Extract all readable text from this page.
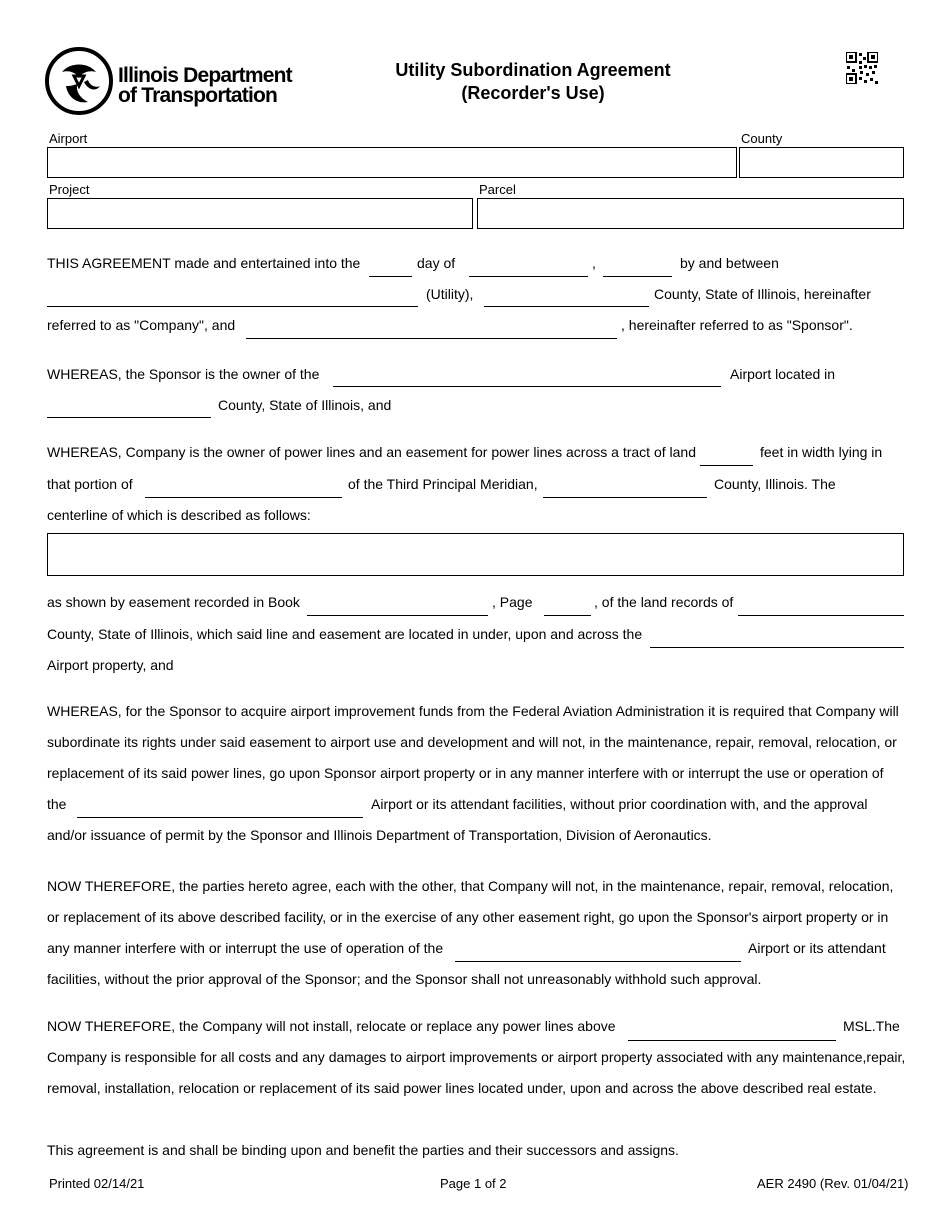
Illinois Department
of Transportation
Utility Subordination Agreement
(Recorder's Use)
Airport	County
Project	Parcel
THIS AGREEMENT made and entertained into the	day of	,	by and between
(Utility),	County, State of Illinois, hereinafter
referred to as "Company", and	, hereinafter referred to as "Sponsor".
WHEREAS, the Sponsor is the owner of the	Airport located in
County, State of Illinois, and
WHEREAS, Company is the owner of power lines and an easement for power lines across a tract of land	feet in width lying in
that portion of	of the Third Principal Meridian,	County, Illinois. The
centerline of which is described as follows:
as shown by easement recorded in Book	, Page	, of the land records of
County, State of Illinois, which said line and easement are located in under, upon and across the
Airport property, and
WHEREAS, for the Sponsor to acquire airport improvement funds from the Federal Aviation Administration it is required that Company will
subordinate its rights under said easement to airport use and development and will not, in the maintenance, repair, removal, relocation, or
replacement of its said power lines, go upon Sponsor airport property or in any manner interfere with or interrupt the use or operation of
the	Airport or its attendant facilities, without prior coordination with, and the approval
and/or issuance of permit by the Sponsor and Illinois Department of Transportation, Division of Aeronautics.
NOW THEREFORE, the parties hereto agree, each with the other, that Company will not, in the maintenance, repair, removal, relocation,
or replacement of its above described facility, or in the exercise of any other easement right, go upon the Sponsor's airport property or in
any manner interfere with or interrupt the use of operation of the	Airport or its attendant
facilities, without the prior approval of the Sponsor; and the Sponsor shall not unreasonably withhold such approval.
NOW THEREFORE, the Company will not install, relocate or replace any power lines above	MSL.The
Company is responsible for all costs and any damages to airport improvements or airport property associated with any maintenance,repair,
removal, installation, relocation or replacement of its said power lines located under, upon and across the above described real estate.
This agreement is and shall be binding upon and benefit the parties and their successors and assigns.
Printed 02/14/21	Page 1 of 2	AER 2490 (Rev. 01/04/21)
